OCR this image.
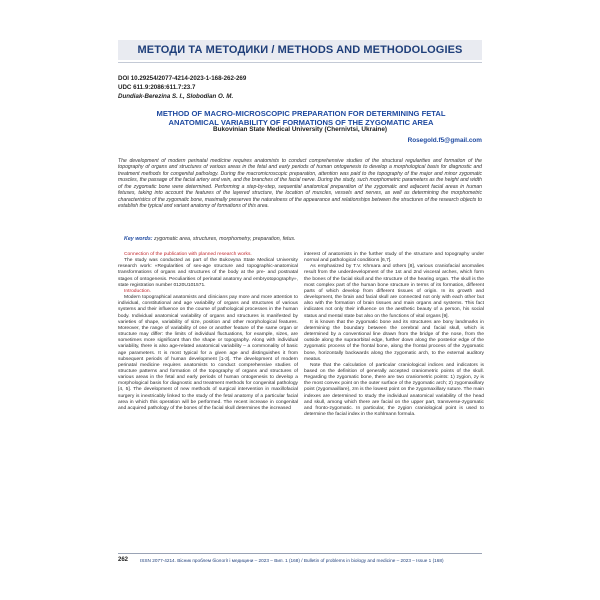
МЕТОДИ ТА МЕТОДИКИ / METHODS AND METHODOLOGIES
DOI 10.29254/2077-4214-2023-1-168-262-269
UDC 611.9:2086:611.7:23.7
Dundiak-Berezina S. I., Slobodian O. M.
METHOD OF MACRO-MICROSCOPIC PREPARATION FOR DETERMINING FETAL ANATOMICAL VARIABILITY OF FORMATIONS OF THE ZYGOMATIC AREA
Bukovinian State Medical University (Chernivtsi, Ukraine)
Rosegold.f5@gmail.com
The development of modern perinatal medicine requires anatomists to conduct comprehensive studies of the structural regularities and formation of the topography of organs and structures of various areas in the fetal and early periods of human ontogenesis to develop a morphological basis for diagnostic and treatment methods for congenital pathology. During the macromicroscopic preparation, attention was paid to the topography of the major and minor zygomatic muscles, the passage of the facial artery and vein, and the branches of the facial nerve. During the study, such morphometric parameters as the height and width of the zygomatic bone were determined. Performing a step-by-step, sequential anatomical preparation of the zygomatic and adjacent facial areas in human fetuses, taking into account the features of the layered structure, the location of muscles, vessels and nerves, as well as determining the morphometric characteristics of the zygomatic bone, maximally preserves the naturalness of the appearance and relationships between the structures of the research objects to establish the typical and variant anatomy of formations of this area.
Key words: zygomatic area, structures, morphometry, preparation, fetus.

Connection of the publication with planned research works.

The study was conducted as part of the Bukovyna State Medical University research work: «Regularities of sex-age structure and topographic-anatomical transformations of organs and structures of the body at the pre- and postnatal stages of ontogenesis. Peculiarities of perinatal anatomy and embryotopography», state registration number 0120U101571.

Introduction.

Modern topographical anatomists and clinicians pay more and more attention to individual, constitutional and age variability of organs and structures of various systems and their influence on the course of pathological processes in the human body. Individual anatomical variability of organs and structures is manifested by varieties of shape, variability of size, position and other morphological features. Moreover, the range of variability of one or another feature of the same organ or structure may differ: the limits of individual fluctuations, for example, sizes, are sometimes more significant than the shape or topography. Along with individual variability, there is also age-related anatomical variability – a commonality of basic age parameters. It is most typical for a given age and distinguishes it from subsequent periods of human development [1-3]. The development of modern perinatal medicine requires anatomists to conduct comprehensive studies of structure patterns and formation of the topography of organs and structures of various areas in the fetal and early periods of human ontogenesis to develop a morphological basis for diagnostic and treatment methods for congenital pathology [4, 5]. The development of new methods of surgical intervention in maxillofacial surgery is inextricably linked to the study of the fetal anatomy of a particular facial area in which this operation will be performed. The recent increase in congenital and acquired pathology of the bones of the facial skull determines the increased

interest of anatomists in the further study of the structure and topography under normal and pathological conditions [6,7].

As emphasized by T.V. Khmara and others [8], various craniofacial anomalies result from the underdevelopment of the 1st and 2nd visceral arches, which form the bones of the facial skull and the structure of the hearing organ. The skull is the most complex part of the human bone structure in terms of its formation, different parts of which develop from different tissues of origin. In its growth and development, the brain and facial skull are connected not only with each other but also with the formation of brain tissues and main organs and systems. This fact indicates not only their influence on the aesthetic beauty of a person, his social status and mental state but also on the functions of vital organs [9].

It is known that the zygomatic bone and its structures are bony landmarks in determining the boundary between the cerebral and facial skull, which is determined by a conventional line drawn from the bridge of the nose, from the outside along the supraorbital edge, further down along the posterior edge of the zygomatic process of the frontal bone, along the frontal process of the zygomatic bone, horizontally backwards along the zygomatic arch, to the external auditory meatus.

Note that the calculation of particular craniological indices and indicators is based on the definition of generally accepted craniometric points of the skull. Regarding the zygomatic bone, there are two craniometric points: 1) zygion, zy is the most convex point on the outer surface of the zygomatic arch; 2) zygomaxillary point (zygomaxillare), zm is the lowest point on the zygomaxillary suture. The main indexes are determined to study the individual anatomical variability of the head and skull, among which there are facial on the upper part, transverse-zygomatic and fronto-zygomatic. In particular, the zygion craniological point is used to determine the facial index in the Kohlmann formula.

262	ISSN 2077-4214. Вісник проблем біології і медицини – 2023 – Вип. 1 (168) / Bulletin of problems in biology and medicine – 2023 – Issue 1 (168)
